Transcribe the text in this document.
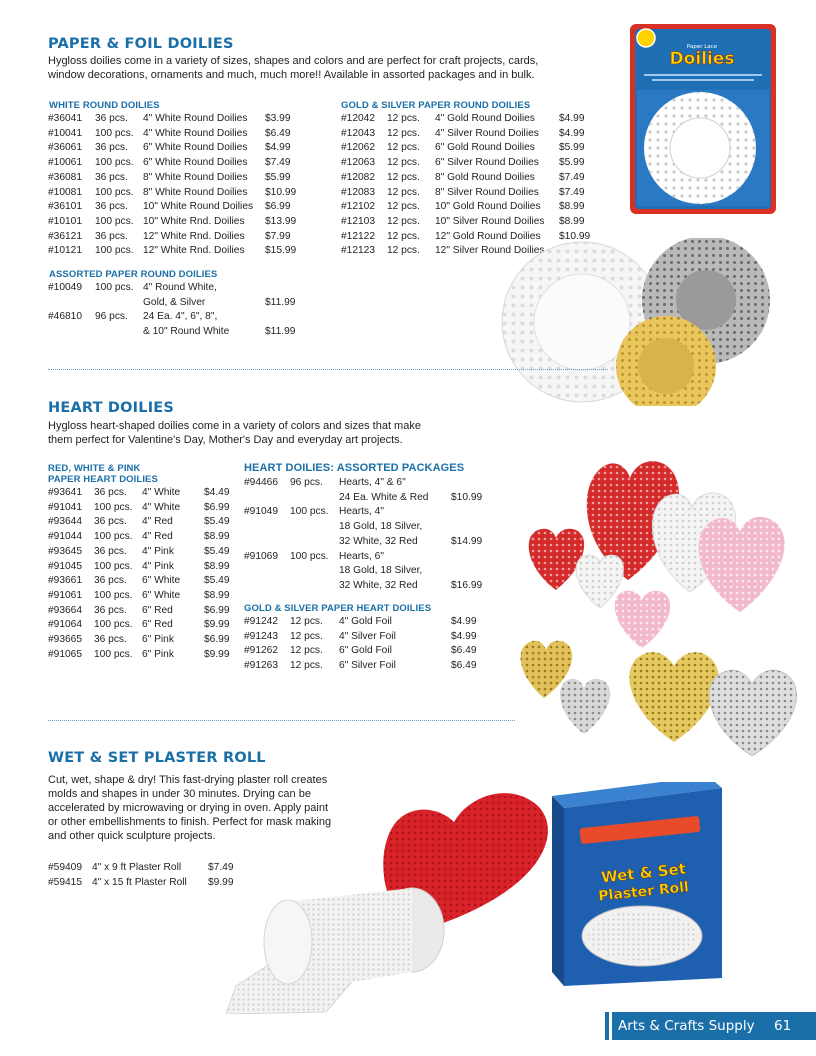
PAPER & FOIL DOILIES
Hygloss doilies come in a variety of sizes, shapes and colors and are perfect for craft projects, cards, window decorations, ornaments and much, much more!! Available in assorted packages and in bulk.
WHITE ROUND DOILIES
#36041	36 pcs.	4" White Round Doilies	$3.99
#10041	100 pcs.	4" White Round Doilies	$6.49
#36061	36 pcs.	6" White Round Doilies	$4.99
#10061	100 pcs.	6" White Round Doilies	$7.49
#36081	36 pcs.	8" White Round Doilies	$5.99
#10081	100 pcs.	8" White Round Doilies	$10.99
#36101	36 pcs.	10" White Round Doilies	$6.99
#10101	100 pcs.	10" White Rnd. Doilies	$13.99
#36121	36 pcs.	12" White Rnd. Doilies	$7.99
#10121	100 pcs.	12" White Rnd. Doilies	$15.99
GOLD & SILVER PAPER ROUND DOILIES
#12042	12 pcs.	4" Gold Round Doilies	$4.99
#12043	12 pcs.	4" Silver Round Doilies	$4.99
#12062	12 pcs.	6" Gold Round Doilies	$5.99
#12063	12 pcs.	6" Silver Round Doilies	$5.99
#12082	12 pcs.	8" Gold Round Doilies	$7.49
#12083	12 pcs.	8" Silver Round Doilies	$7.49
#12102	12 pcs.	10" Gold Round Doilies	$8.99
#12103	12 pcs.	10" Silver Round Doilies	$8.99
#12122	12 pcs.	12" Gold Round Doilies	$10.99
#12123	12 pcs.	12" Silver Round Doilies	
ASSORTED PAPER ROUND DOILIES
#10049	100 pcs.	4" Round White,	
		Gold, & Silver	$11.99
#46810	96 pcs.	24 Ea. 4", 6", 8",	
		& 10" Round White	$11.99
Paper Lace
Doilies
HEART DOILIES
Hygloss heart-shaped doilies come in a variety of colors and sizes that make them perfect for Valentine's Day, Mother's Day and everyday art projects.
RED, WHITE & PINK
PAPER HEART DOILIES
#93641	36 pcs.	4" White	$4.49
#91041	100 pcs.	4" White	$6.99
#93644	36 pcs.	4" Red	$5.49
#91044	100 pcs.	4" Red	$8.99
#93645	36 pcs.	4" Pink	$5.49
#91045	100 pcs.	4" Pink	$8.99
#93661	36 pcs.	6" White	$5.49
#91061	100 pcs.	6" White	$8.99
#93664	36 pcs.	6" Red	$6.99
#91064	100 pcs.	6" Red	$9.99
#93665	36 pcs.	6" Pink	$6.99
#91065	100 pcs.	6" Pink	$9.99
HEART DOILIES: ASSORTED PACKAGES
#94466	96 pcs.	Hearts, 4" & 6"	
		24 Ea. White & Red	$10.99
#91049	100 pcs.	Hearts, 4"	
		18 Gold, 18 Silver,	
		32 White, 32 Red	$14.99
#91069	100 pcs.	Hearts, 6"	
		18 Gold, 18 Silver,	
		32 White, 32 Red	$16.99
GOLD & SILVER PAPER HEART DOILIES
#91242	12 pcs.	4" Gold Foil	$4.99
#91243	12 pcs.	4" Silver Foil	$4.99
#91262	12 pcs.	6" Gold Foil	$6.49
#91263	12 pcs.	6" Silver Foil	$6.49
WET & SET PLASTER ROLL
Cut, wet, shape & dry! This fast-drying plaster roll creates molds and shapes in under 30 minutes. Drying can be accelerated by microwaving or drying in oven. Apply paint or other embellishments to finish. Perfect for mask making and other quick sculpture projects.
#59409	4" x 9 ft Plaster Roll	$7.49
#59415	4" x 15 ft Plaster Roll	$9.99	Wet & Set
Plaster Roll
Arts & Crafts Supply 61
